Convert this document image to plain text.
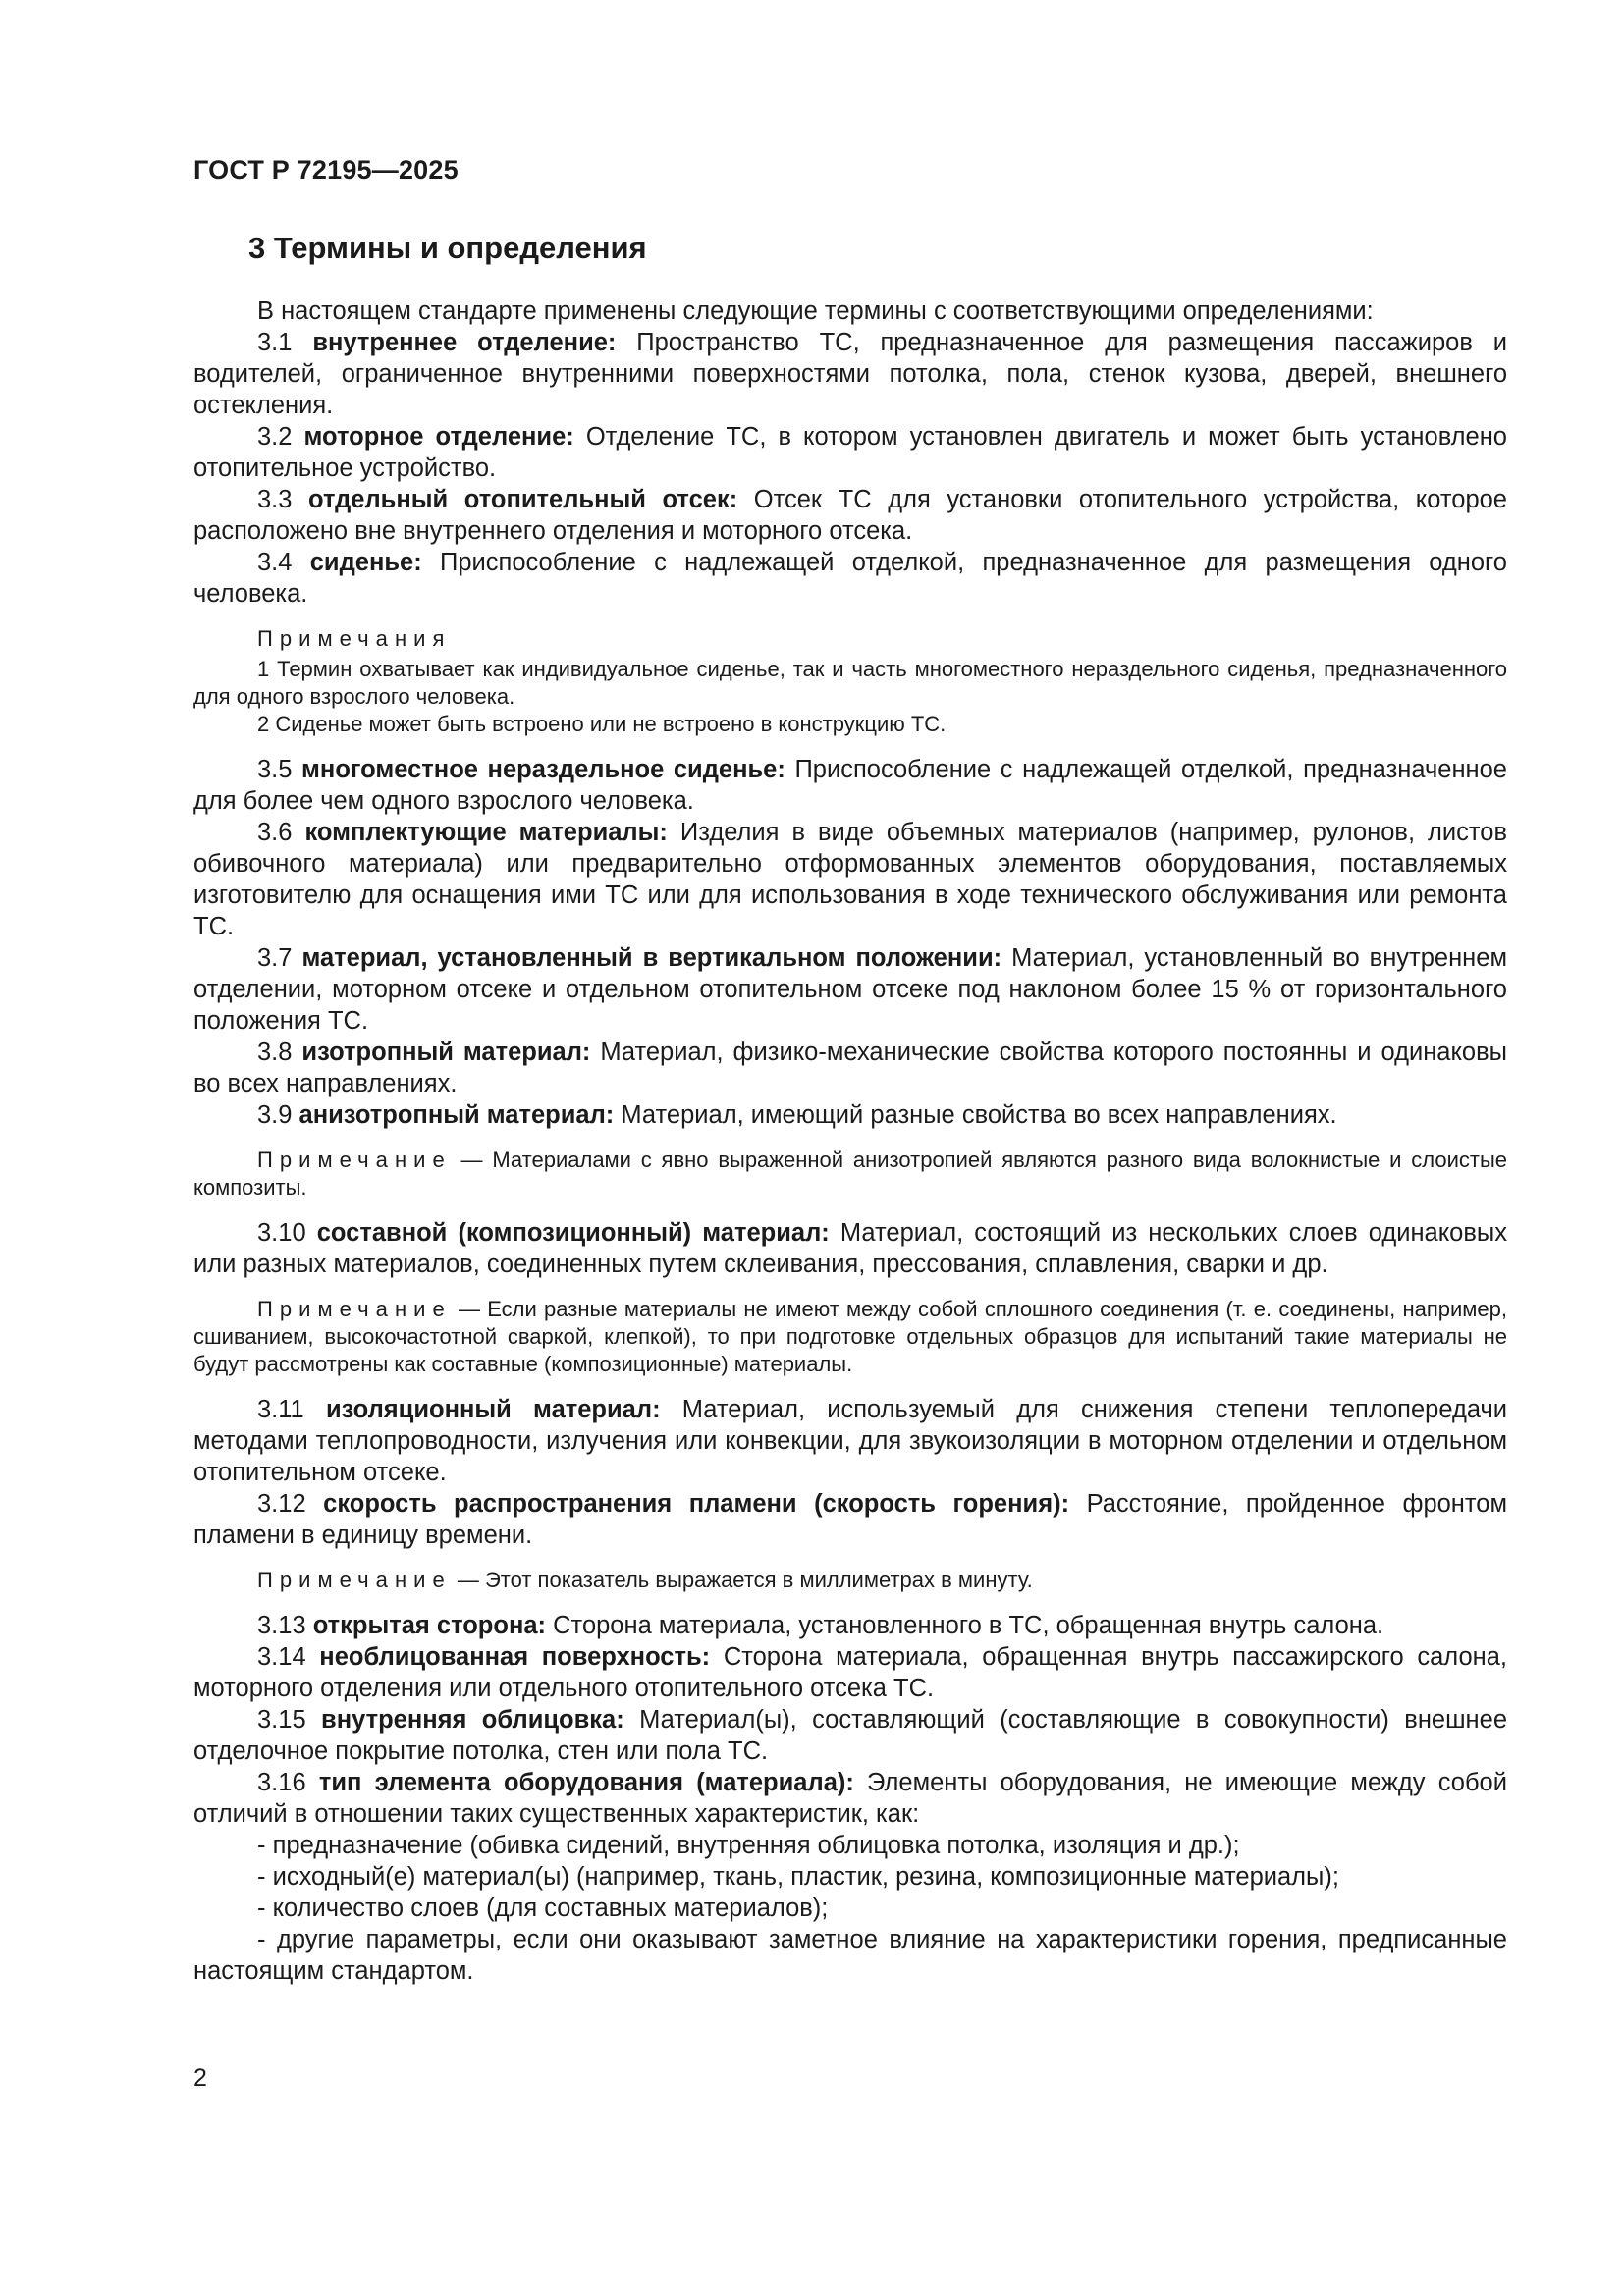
ГОСТ Р 72195—2025

3 Термины и определения

В настоящем стандарте применены следующие термины с соответствующими определениями:

3.1 внутреннее отделение: Пространство ТС, предназначенное для размещения пассажиров и водителей, ограниченное внутренними поверхностями потолка, пола, стенок кузова, дверей, внешнего остекления.

3.2 моторное отделение: Отделение ТС, в котором установлен двигатель и может быть установлено отопительное устройство.

3.3 отдельный отопительный отсек: Отсек ТС для установки отопительного устройства, которое расположено вне внутреннего отделения и моторного отсека.

3.4 сиденье: Приспособление с надлежащей отделкой, предназначенное для размещения одного человека.

Примечания

1 Термин охватывает как индивидуальное сиденье, так и часть многоместного нераздельного сиденья, предназначенного для одного взрослого человека.

2 Сиденье может быть встроено или не встроено в конструкцию ТС.

3.5 многоместное нераздельное сиденье: Приспособление с надлежащей отделкой, предназначенное для более чем одного взрослого человека.

3.6 комплектующие материалы: Изделия в виде объемных материалов (например, рулонов, листов обивочного материала) или предварительно отформованных элементов оборудования, поставляемых изготовителю для оснащения ими ТС или для использования в ходе технического обслуживания или ремонта ТС.

3.7 материал, установленный в вертикальном положении: Материал, установленный во внутреннем отделении, моторном отсеке и отдельном отопительном отсеке под наклоном более 15 % от горизонтального положения ТС.

3.8 изотропный материал: Материал, физико-механические свойства которого постоянны и одинаковы во всех направлениях.

3.9 анизотропный материал: Материал, имеющий разные свойства во всех направлениях.

Примечание — Материалами с явно выраженной анизотропией являются разного вида волокнистые и слоистые композиты.

3.10 составной (композиционный) материал: Материал, состоящий из нескольких слоев одинаковых или разных материалов, соединенных путем склеивания, прессования, сплавления, сварки и др.

Примечание — Если разные материалы не имеют между собой сплошного соединения (т. е. соединены, например, сшиванием, высокочастотной сваркой, клепкой), то при подготовке отдельных образцов для испытаний такие материалы не будут рассмотрены как составные (композиционные) материалы.

3.11 изоляционный материал: Материал, используемый для снижения степени теплопередачи методами теплопроводности, излучения или конвекции, для звукоизоляции в моторном отделении и отдельном отопительном отсеке.

3.12 скорость распространения пламени (скорость горения): Расстояние, пройденное фронтом пламени в единицу времени.

Примечание — Этот показатель выражается в миллиметрах в минуту.

3.13 открытая сторона: Сторона материала, установленного в ТС, обращенная внутрь салона.

3.14 необлицованная поверхность: Сторона материала, обращенная внутрь пассажирского салона, моторного отделения или отдельного отопительного отсека ТС.

3.15 внутренняя облицовка: Материал(ы), составляющий (составляющие в совокупности) внешнее отделочное покрытие потолка, стен или пола ТС.

3.16 тип элемента оборудования (материала): Элементы оборудования, не имеющие между собой отличий в отношении таких существенных характеристик, как:

- предназначение (обивка сидений, внутренняя облицовка потолка, изоляция и др.);

- исходный(е) материал(ы) (например, ткань, пластик, резина, композиционные материалы);

- количество слоев (для составных материалов);

- другие параметры, если они оказывают заметное влияние на характеристики горения, предписанные настоящим стандартом.

2
